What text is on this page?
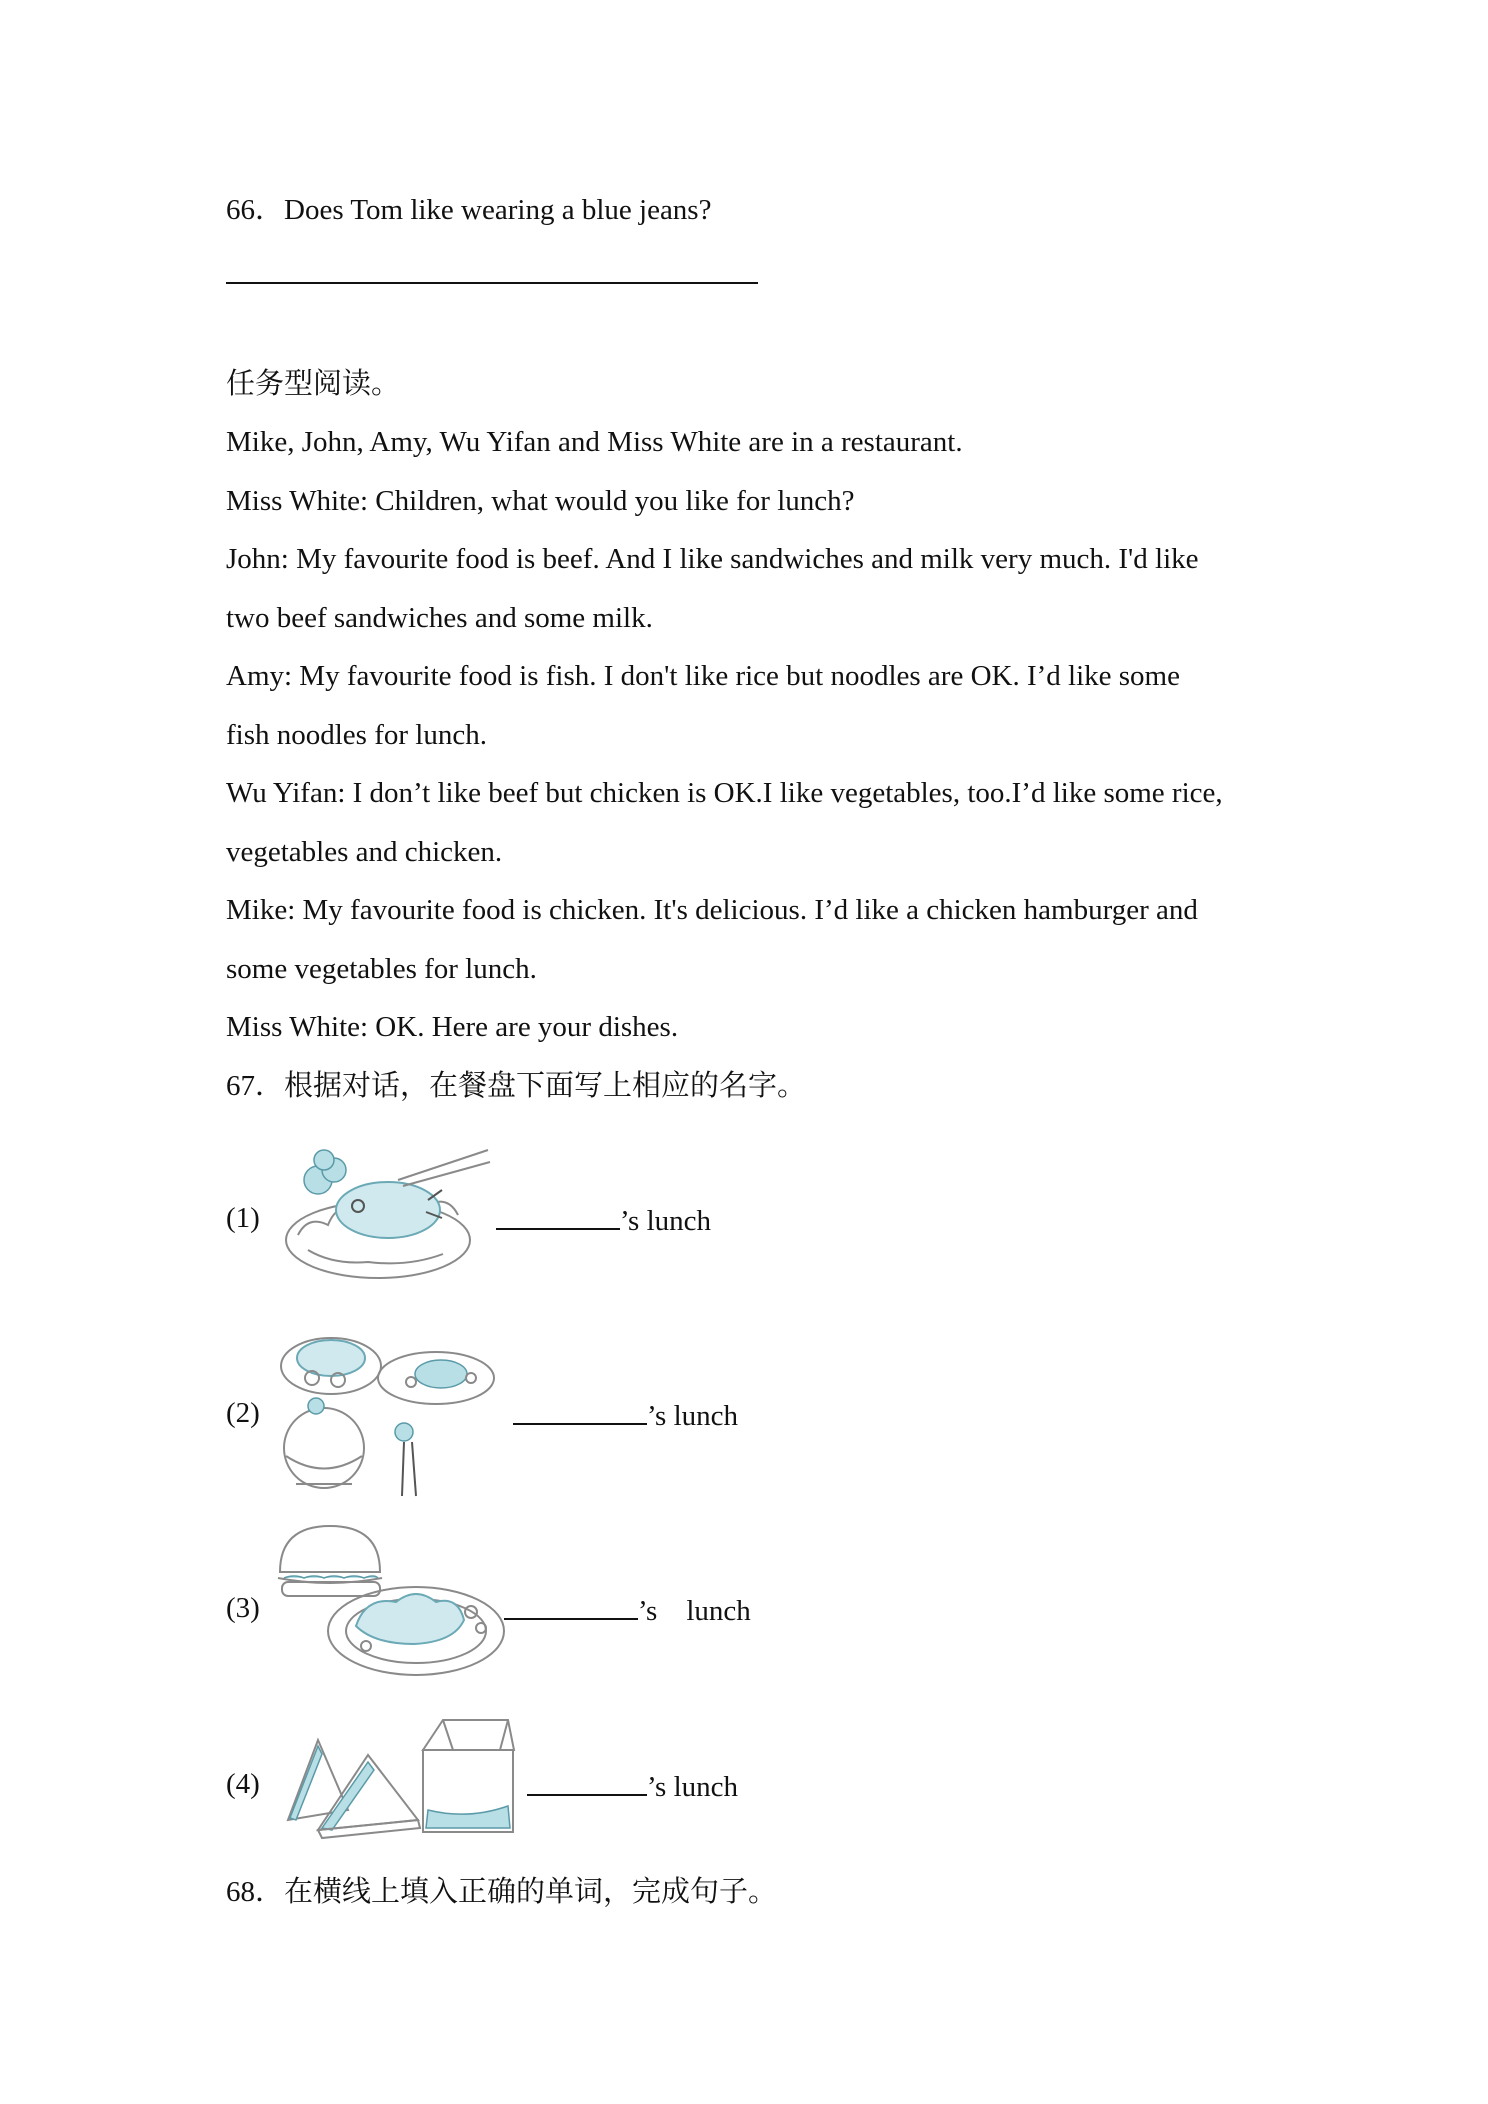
66．Does Tom like wearing a blue jeans?
任务型阅读。
Mike, John, Amy, Wu Yifan and Miss White are in a restaurant.
Miss White: Children, what would you like for lunch?
John: My favourite food is beef. And I like sandwiches and milk very much. I'd like
two beef sandwiches and some milk.
Amy: My favourite food is fish. I don't like rice but noodles are OK. I’d like some
fish noodles for lunch.
Wu Yifan: I don’t like beef but chicken is OK.I like vegetables, too.I’d like some rice,
vegetables and chicken.
Mike: My favourite food is chicken. It's delicious. I’d like a chicken hamburger and
some vegetables for lunch.
Miss White: OK. Here are your dishes.
67．根据对话，在餐盘下面写上相应的名字。
(1)	’s lunch
(2)	’s lunch
(3)	’s    lunch
(4)	’s lunch
68．在横线上填入正确的单词，完成句子。
